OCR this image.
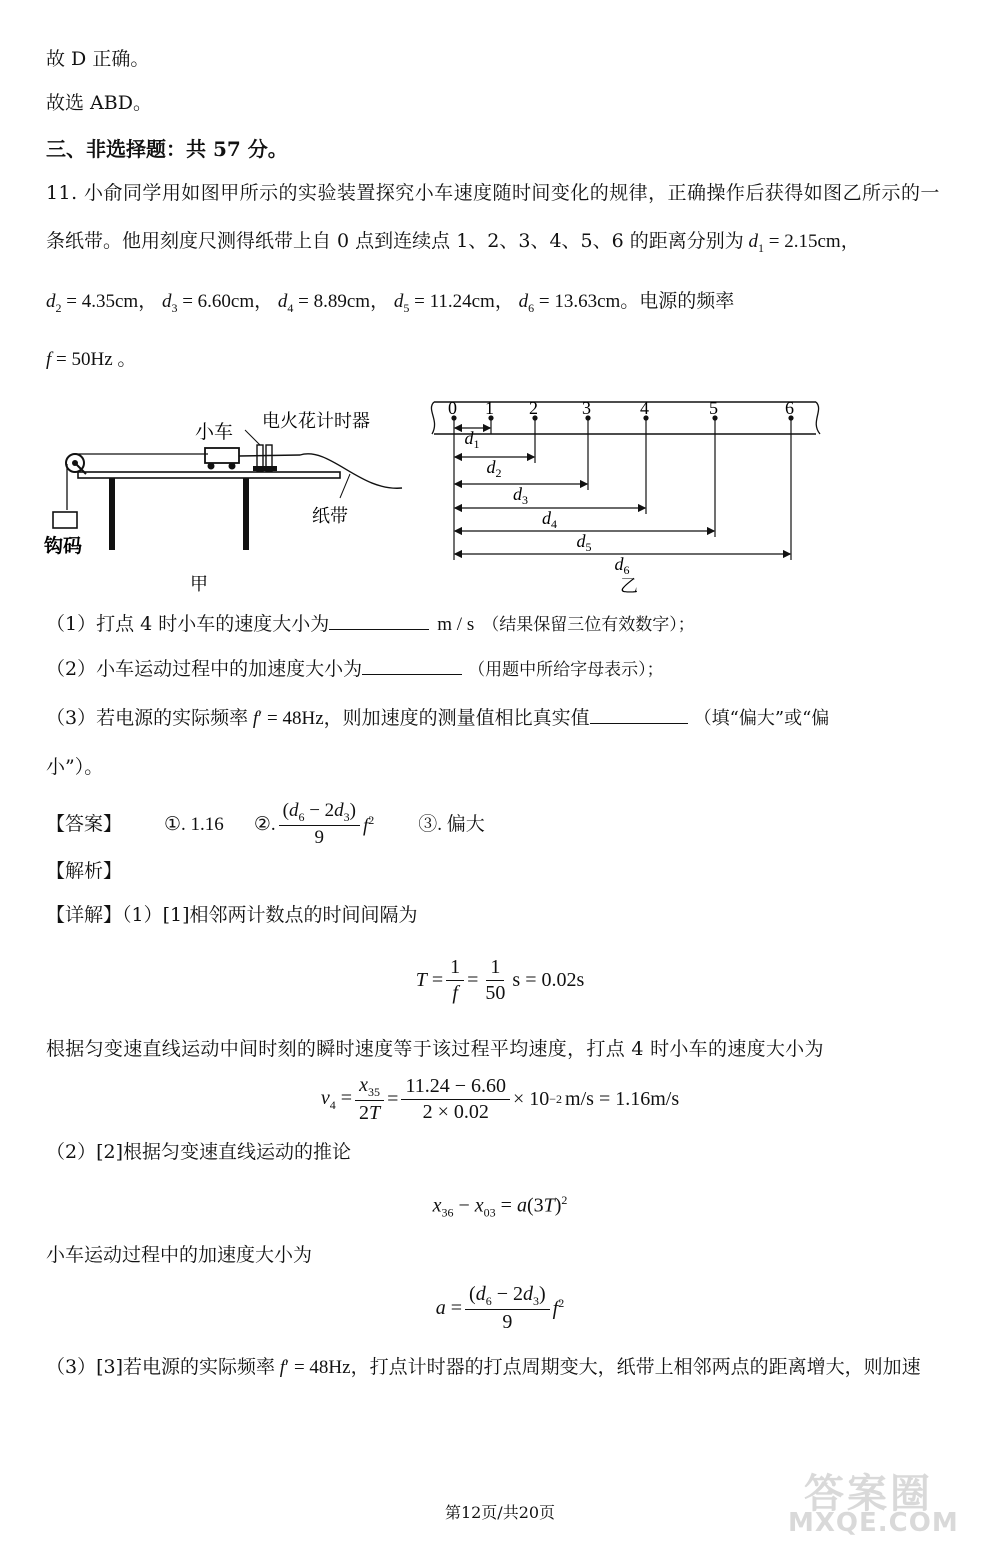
故 D 正确。
故选 ABD。
三、非选择题：共 57 分。
11. 小俞同学用如图甲所示的实验装置探究小车速度随时间变化的规律，正确操作后获得如图乙所示的一
条纸带。他用刻度尺测得纸带上自 0 点到连续点 1、2、3、4、5、6 的距离分别为 $d_1 = 2.15cm$，
$d_2 = 4.35cm$， $d_3 = 6.60cm$， $d_4 = 8.89cm$， $d_5 = 11.24cm$， $d_6 = 13.63cm$。电源的频率
f = 50Hz 。
小车 电火花计时器
纸带
钩码
甲
0 1 2 3	4	5	6
$d_1$
$d_2$
$d_3$
$d_4$
$d_5$
$d_6$
乙
（1）打点 4 时小车的速度大小为	m / s （结果保留三位有效数字）；
（2）小车运动过程中的加速度大小为	（用题中所给字母表示）；
（3）若电源的实际频率 f′ = 48Hz，则加速度的测量值相比真实值	（填“偏大”或“偏
小”）。
【答案】 ①. 1.16 ②. $\frac{(d_6 - 2d_3)}{9} f^2$ ③. 偏大
【解析】
【详解】（1）[1]相邻两计数点的时间间隔为
$T = \frac{1}{f} = \frac{1}{50}$ s = 0.02s
根据匀变速直线运动中间时刻的瞬时速度等于该过程平均速度，打点 4 时小车的速度大小为
$v_4 = \frac{x_{35}}{2T} = \frac{11.24 - 6.60}{2 \times 0.02} \times 10 -2$ m/s = 1.16m/s
（2）[2]根据匀变速直线运动的推论
$x_{36} - x_{03} = a(3T)^2$
小车运动过程中的加速度大小为
$a = \frac{(d_6 - 2d_3)}{9} f^2$
（3）[3]若电源的实际频率 f′ = 48Hz，打点计时器的打点周期变大，纸带上相邻两点的距离增大，则加速
第12页/共20页	答案圈
MXQE.COM
